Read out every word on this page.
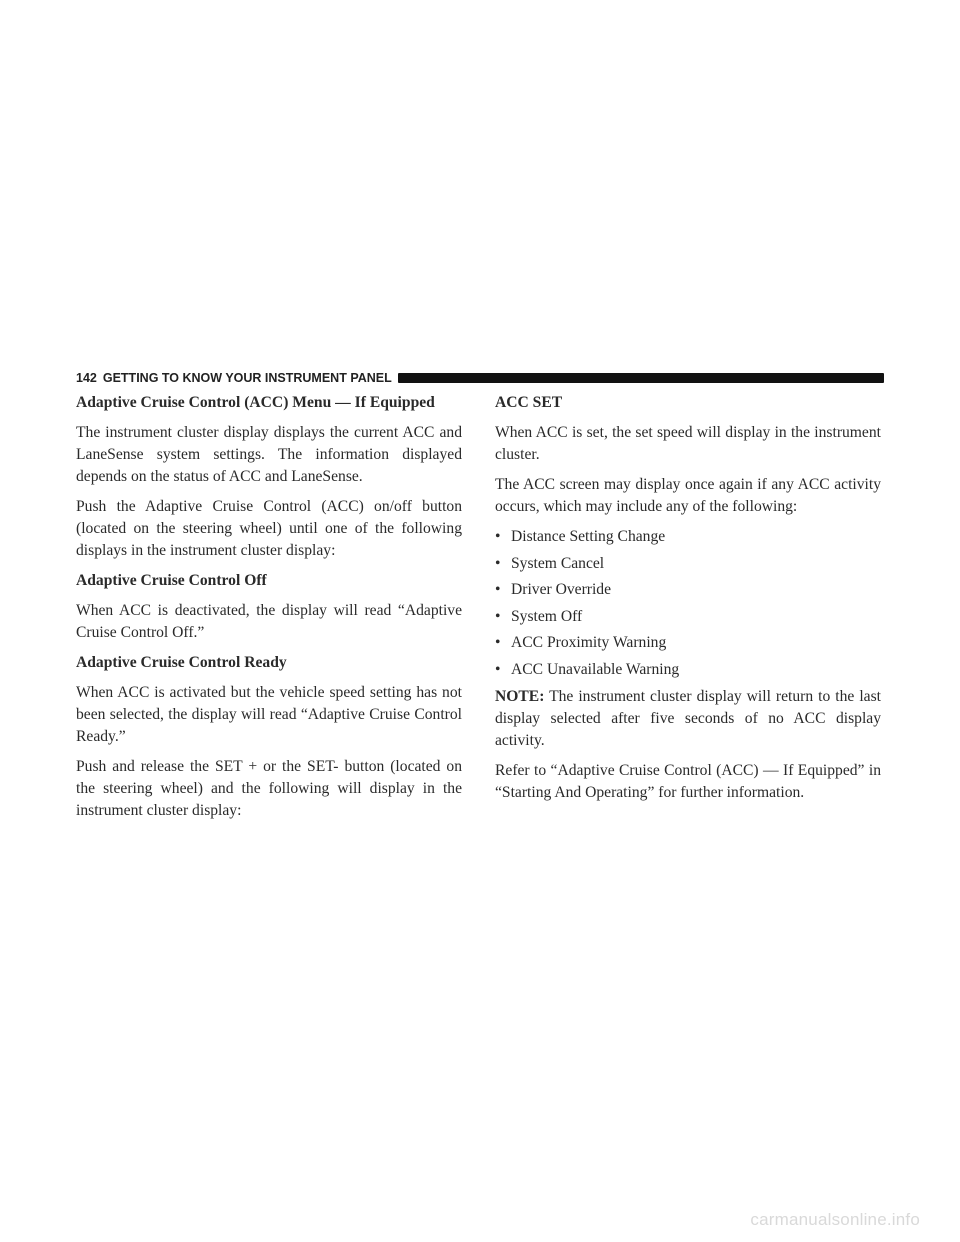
142 GETTING TO KNOW YOUR INSTRUMENT PANEL

Adaptive Cruise Control (ACC) Menu — If Equipped

The instrument cluster display displays the current ACC and LaneSense system settings. The information displayed depends on the status of ACC and LaneSense.

Push the Adaptive Cruise Control (ACC) on/off button (located on the steering wheel) until one of the following displays in the instrument cluster display:

Adaptive Cruise Control Off

When ACC is deactivated, the display will read “Adaptive Cruise Control Off.”

Adaptive Cruise Control Ready

When ACC is activated but the vehicle speed setting has not been selected, the display will read “Adaptive Cruise Control Ready.”

Push and release the SET + or the SET- button (located on the steering wheel) and the following will display in the instrument cluster display:

ACC SET

When ACC is set, the set speed will display in the instrument cluster.

The ACC screen may display once again if any ACC activity occurs, which may include any of the following:

• Distance Setting Change
• System Cancel
• Driver Override
• System Off
• ACC Proximity Warning
• ACC Unavailable Warning

NOTE: The instrument cluster display will return to the last display selected after five seconds of no ACC display activity.

Refer to “Adaptive Cruise Control (ACC) — If Equipped” in “Starting And Operating” for further information.

carmanualsonline.info
